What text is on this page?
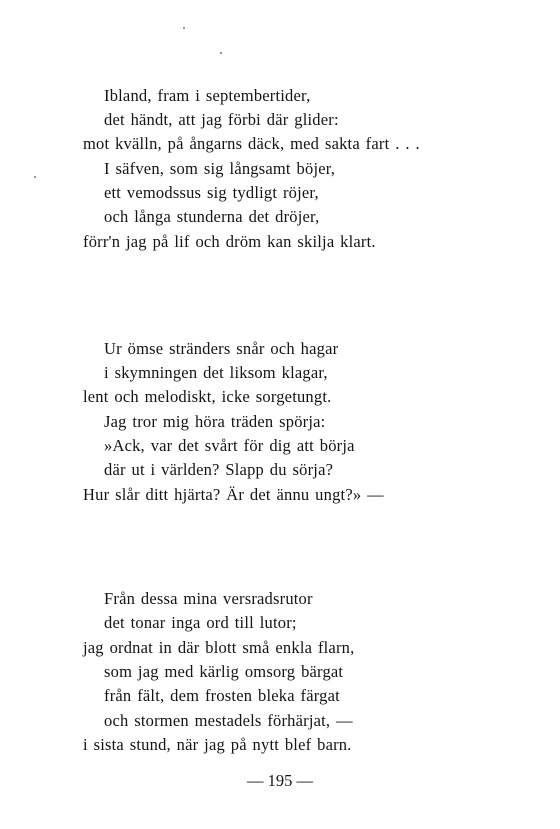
Ibland, fram i septembertider,
det händt, att jag förbi där glider:
mot kvälln, på ångarns däck, med sakta fart . . .
I säfven, som sig långsamt böjer,
ett vemodssus sig tydligt röjer,
och långa stunderna det dröjer,
förr'n jag på lif och dröm kan skilja klart.
Ur ömse stränders snår och hagar
i skymningen det liksom klagar,
lent och melodiskt, icke sorgetungt.
Jag tror mig höra träden spörja:
»Ack, var det svårt för dig att börja
där ut i världen? Slapp du sörja?
Hur slår ditt hjärta? Är det ännu ungt?» —
Från dessa mina versradsrutor
det tonar inga ord till lutor;
jag ordnat in där blott små enkla flarn,
som jag med kärlig omsorg bärgat
från fält, dem frosten bleka färgat
och stormen mestadels förhärjat, —
i sista stund, när jag på nytt blef barn.
— 195 —
